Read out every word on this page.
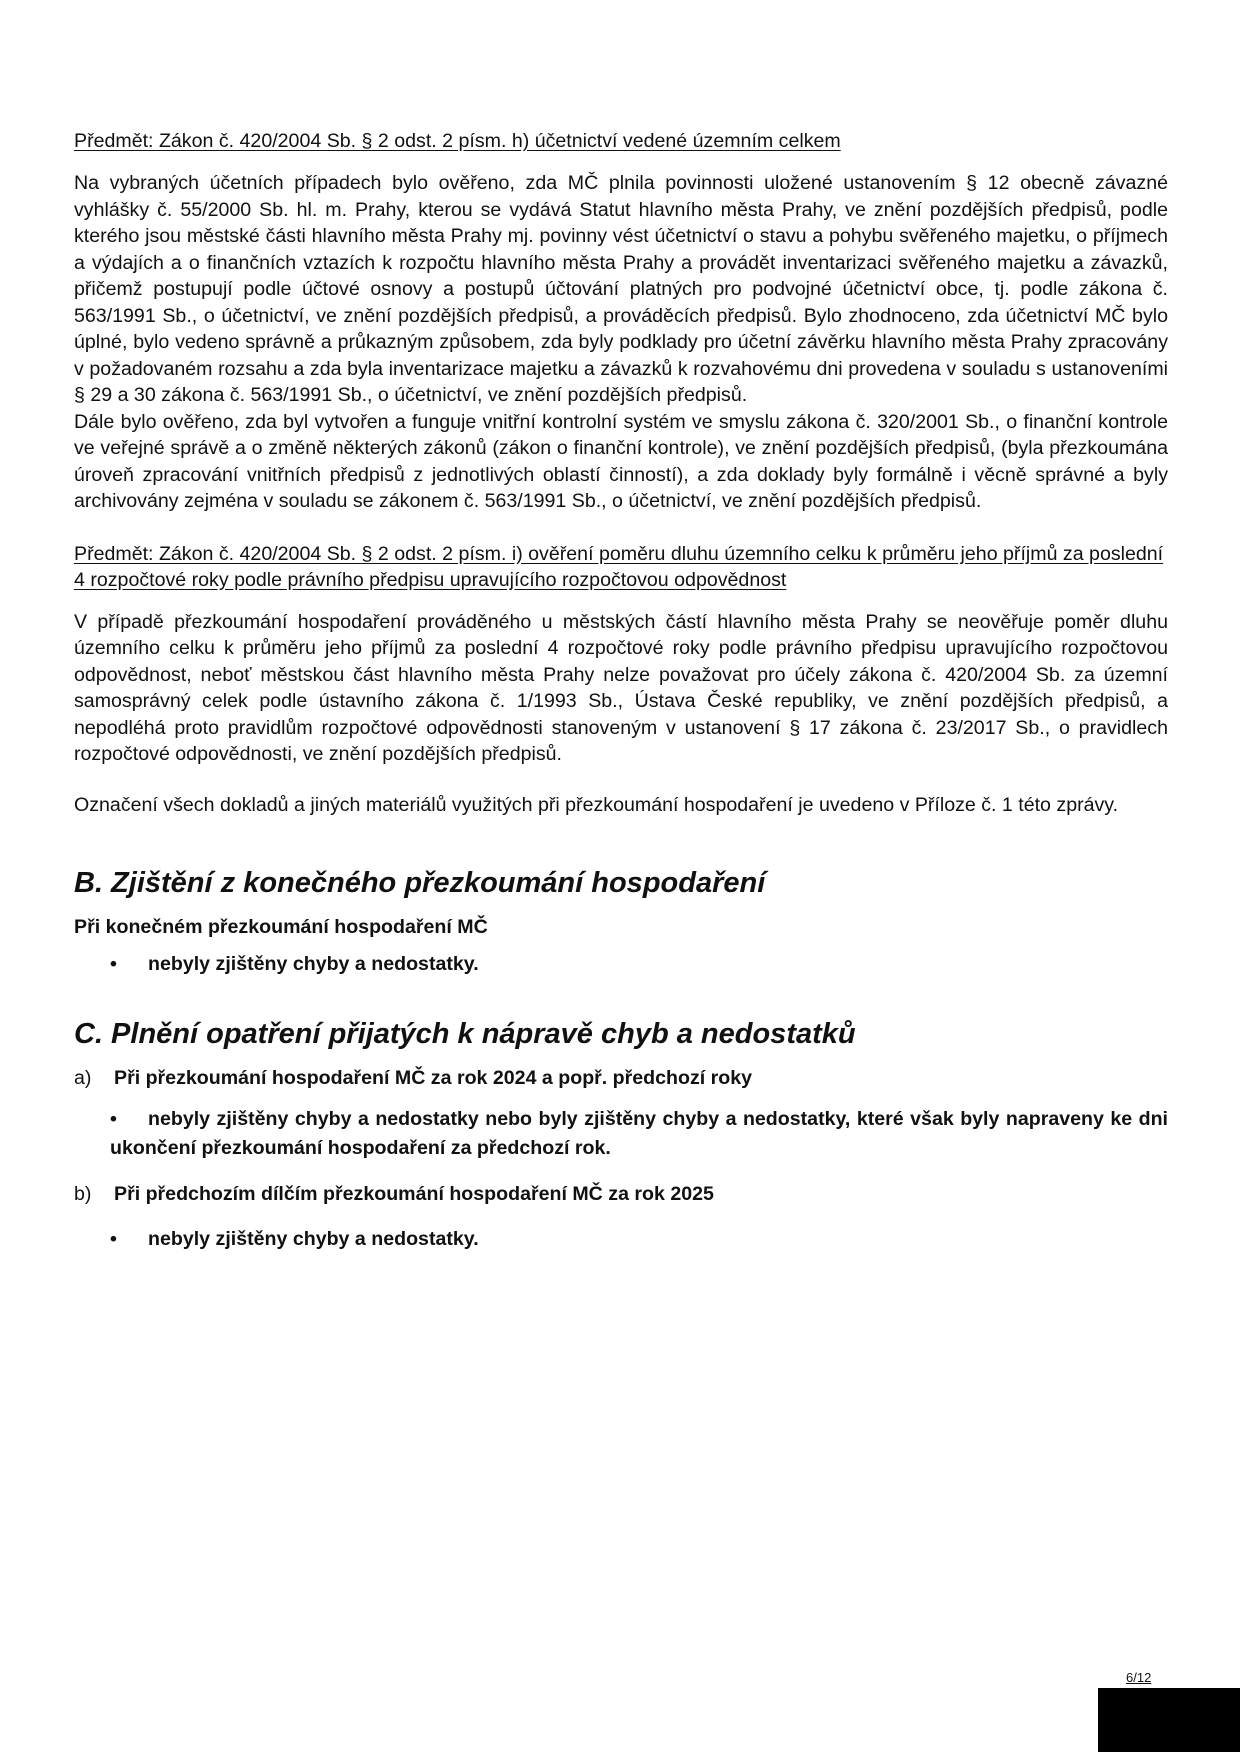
Předmět: Zákon č. 420/2004 Sb. § 2 odst. 2 písm. h) účetnictví vedené územním celkem

Na vybraných účetních případech bylo ověřeno, zda MČ plnila povinnosti uložené ustanovením § 12 obecně závazné vyhlášky č. 55/2000 Sb. hl. m. Prahy, kterou se vydává Statut hlavního města Prahy, ve znění pozdějších předpisů, podle kterého jsou městské části hlavního města Prahy mj. povinny vést účetnictví o stavu a pohybu svěřeného majetku, o příjmech a výdajích a o finančních vztazích k rozpočtu hlavního města Prahy a provádět inventarizaci svěřeného majetku a závazků, přičemž postupují podle účtové osnovy a postupů účtování platných pro podvojné účetnictví obce, tj. podle zákona č. 563/1991 Sb., o účetnictví, ve znění pozdějších předpisů, a prováděcích předpisů. Bylo zhodnoceno, zda účetnictví MČ bylo úplné, bylo vedeno správně a průkazným způsobem, zda byly podklady pro účetní závěrku hlavního města Prahy zpracovány v požadovaném rozsahu a zda byla inventarizace majetku a závazků k rozvahovému dni provedena v souladu s ustanoveními § 29 a 30 zákona č. 563/1991 Sb., o účetnictví, ve znění pozdějších předpisů.

Dále bylo ověřeno, zda byl vytvořen a funguje vnitřní kontrolní systém ve smyslu zákona č. 320/2001 Sb., o finanční kontrole ve veřejné správě a o změně některých zákonů (zákon o finanční kontrole), ve znění pozdějších předpisů, (byla přezkoumána úroveň zpracování vnitřních předpisů z jednotlivých oblastí činností), a zda doklady byly formálně i věcně správné a byly archivovány zejména v souladu se zákonem č. 563/1991 Sb., o účetnictví, ve znění pozdějších předpisů.

Předmět: Zákon č. 420/2004 Sb. § 2 odst. 2 písm. i) ověření poměru dluhu územního celku k průměru jeho příjmů za poslední 4 rozpočtové roky podle právního předpisu upravujícího rozpočtovou odpovědnost

V případě přezkoumání hospodaření prováděného u městských částí hlavního města Prahy se neověřuje poměr dluhu územního celku k průměru jeho příjmů za poslední 4 rozpočtové roky podle právního předpisu upravujícího rozpočtovou odpovědnost, neboť městskou část hlavního města Prahy nelze považovat pro účely zákona č. 420/2004 Sb. za územní samosprávný celek podle ústavního zákona č. 1/1993 Sb., Ústava České republiky, ve znění pozdějších předpisů, a nepodléhá proto pravidlům rozpočtové odpovědnosti stanoveným v ustanovení § 17 zákona č. 23/2017 Sb., o pravidlech rozpočtové odpovědnosti, ve znění pozdějších předpisů.

Označení všech dokladů a jiných materiálů využitých při přezkoumání hospodaření je uvedeno v Příloze č. 1 této zprávy.

B. Zjištění z konečného přezkoumání hospodaření

Při konečném přezkoumání hospodaření MČ

• nebyly zjištěny chyby a nedostatky.

C. Plnění opatření přijatých k nápravě chyb a nedostatků
a)	Při přezkoumání hospodaření MČ za rok 2024 a popř. předchozí roky

• nebyly zjištěny chyby a nedostatky nebo byly zjištěny chyby a nedostatky, které však byly napraveny ke dni ukončení přezkoumání hospodaření za předchozí rok.

b)	Při předchozím dílčím přezkoumání hospodaření MČ za rok 2025

• nebyly zjištěny chyby a nedostatky.

6/12
